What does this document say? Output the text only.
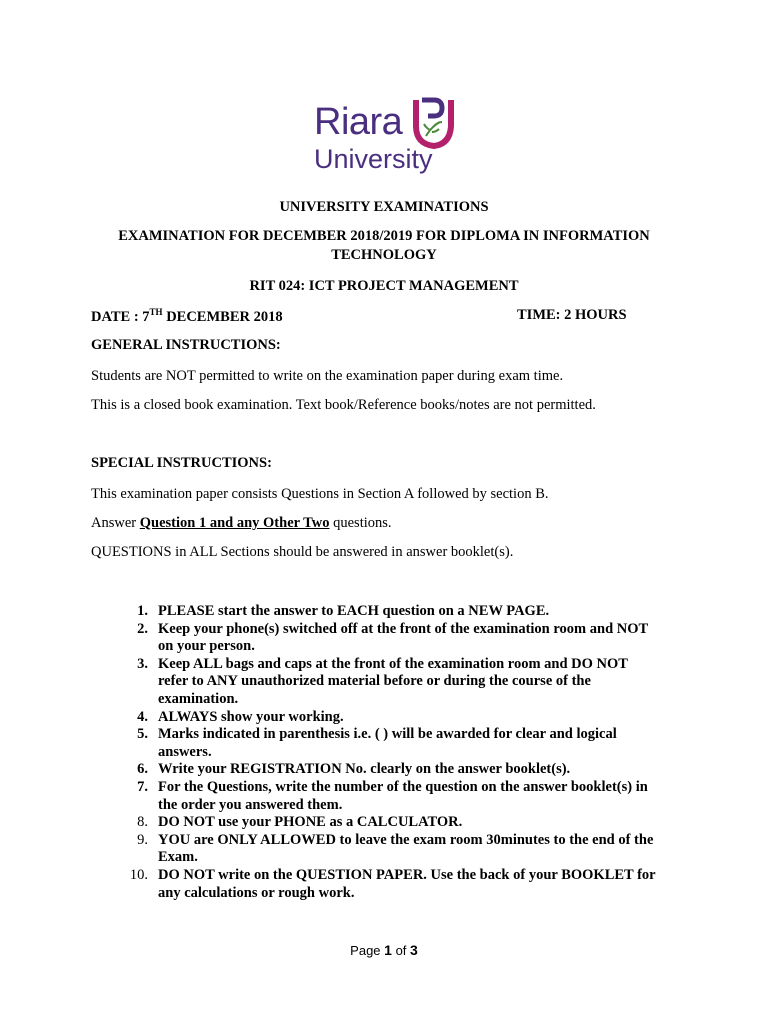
Riara
University
UNIVERSITY EXAMINATIONS
EXAMINATION FOR DECEMBER 2018/2019 FOR DIPLOMA IN INFORMATION
TECHNOLOGY
RIT 024: ICT PROJECT MANAGEMENT
DATE : 7TH DECEMBER 2018	TIME: 2 HOURS
GENERAL INSTRUCTIONS:
Students are NOT permitted to write on the examination paper during exam time.
This is a closed book examination. Text book/Reference books/notes are not permitted.
SPECIAL INSTRUCTIONS:
This examination paper consists Questions in Section A followed by section B.
Answer Question 1 and any Other Two questions.
QUESTIONS in ALL Sections should be answered in answer booklet(s).
1. PLEASE start the answer to EACH question on a NEW PAGE.
2. Keep your phone(s) switched off at the front of the examination room and NOT
on your person.
3. Keep ALL bags and caps at the front of the examination room and DO NOT
refer to ANY unauthorized material before or during the course of the
examination.
4. ALWAYS show your working.
5. Marks indicated in parenthesis i.e. ( ) will be awarded for clear and logical
answers.
6. Write your REGISTRATION No. clearly on the answer booklet(s).
7. For the Questions, write the number of the question on the answer booklet(s) in
the order you answered them.
8. DO NOT use your PHONE as a CALCULATOR.
9. YOU are ONLY ALLOWED to leave the exam room 30minutes to the end of the
Exam.
10. DO NOT write on the QUESTION PAPER. Use the back of your BOOKLET for
any calculations or rough work.
Page 1 of 3
